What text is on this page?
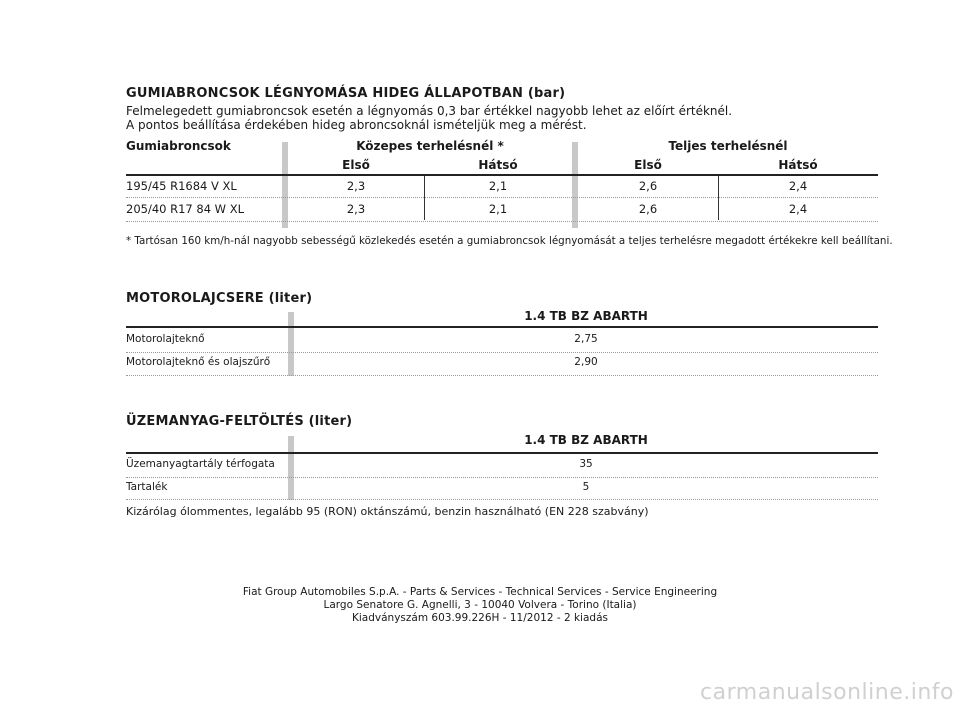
GUMIABRONCSOK LÉGNYOMÁSA HIDEG ÁLLAPOTBAN (bar)
Felmelegedett gumiabroncsok esetén a légnyomás 0,3 bar értékkel nagyobb lehet az előírt értéknél.
A pontos beállítása érdekében hideg abroncsoknál ismételjük meg a mérést.
Gumiabroncsok	Közepes terhelésnél *	Teljes terhelésnél
Első	Hátsó	Első	Hátsó
195/45 R1684 V XL	2,3	2,1	2,6	2,4
205/40 R17 84 W XL	2,3	2,1	2,6	2,4
* Tartósan 160 km/h-nál nagyobb sebességű közlekedés esetén a gumiabroncsok légnyomását a teljes terhelésre megadott értékekre kell beállítani.
MOTOROLAJCSERE (liter)
1.4 TB BZ ABARTH
Motorolajteknő	2,75
Motorolajteknő és olajszűrő	2,90
ÜZEMANYAG-FELTÖLTÉS (liter)
1.4 TB BZ ABARTH
Üzemanyagtartály térfogata	35
Tartalék	5
Kizárólag ólommentes, legalább 95 (RON) oktánszámú, benzin használható (EN 228 szabvány)
Fiat Group Automobiles S.p.A. - Parts & Services - Technical Services - Service Engineering
Largo Senatore G. Agnelli, 3 - 10040 Volvera - Torino (Italia)
Kiadványszám 603.99.226H - 11/2012 - 2 kiadás
carmanualsonline.info
